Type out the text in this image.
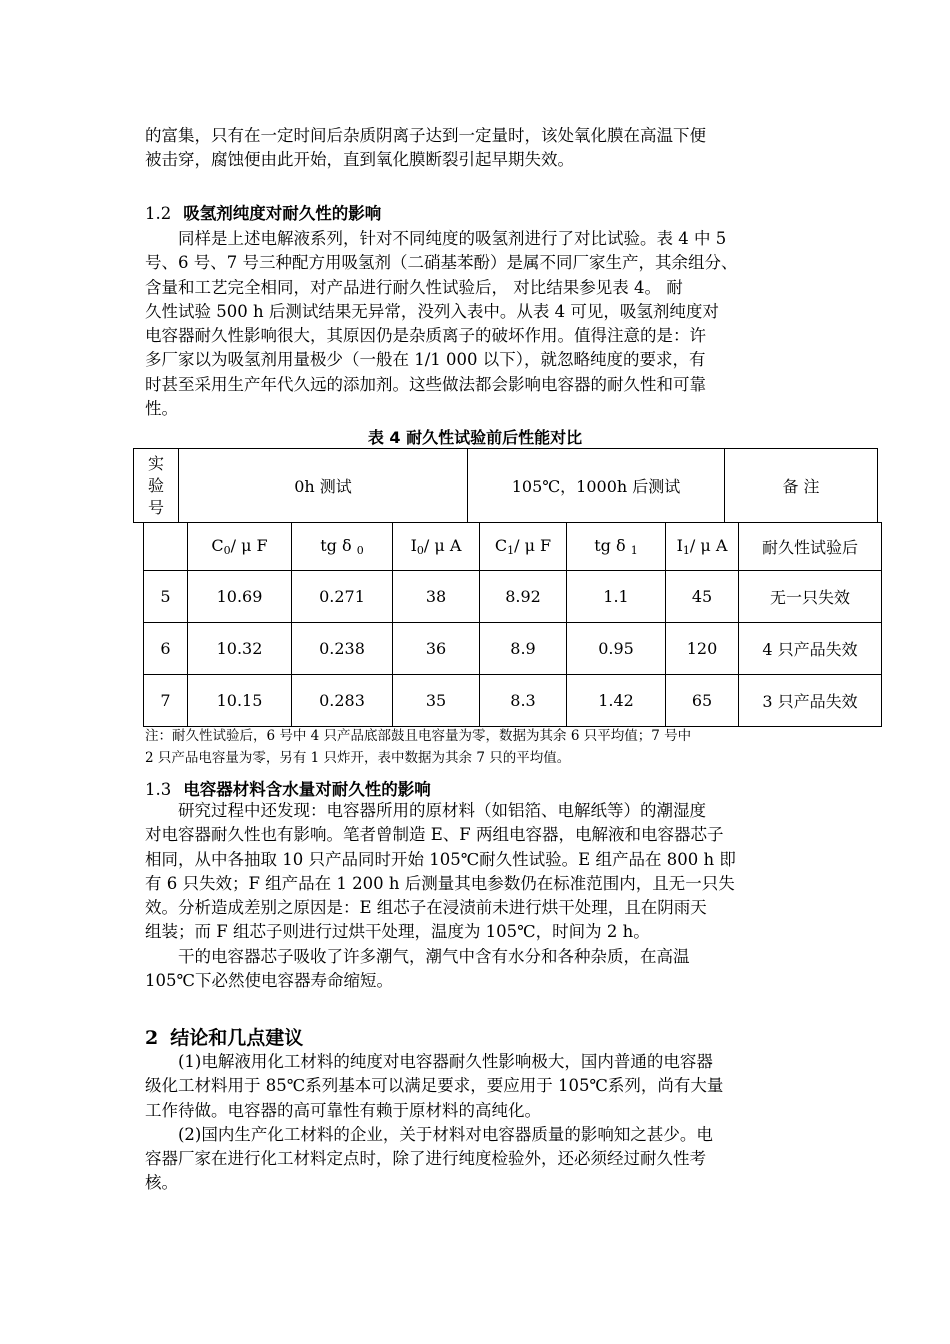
的富集，只有在一定时间后杂质阴离子达到一定量时，该处氧化膜在高温下便
被击穿，腐蚀便由此开始，直到氧化膜断裂引起早期失效。

1.2 吸氢剂纯度对耐久性的影响

同样是上述电解液系列，针对不同纯度的吸氢剂进行了对比试验。表 4 中 5
号、6 号、7 号三种配方用吸氢剂（二硝基苯酚）是属不同厂家生产，其余组分、
含量和工艺完全相同，对产品进行耐久性试验后， 对比结果参见表 4。 耐
久性试验 500 h 后测试结果无异常，没列入表中。从表 4 可见，吸氢剂纯度对
电容器耐久性影响很大，其原因仍是杂质离子的破坏作用。值得注意的是：许
多厂家以为吸氢剂用量极少（一般在 1/1 000 以下），就忽略纯度的要求，有
时甚至采用生产年代久远的添加剂。这些做法都会影响电容器的耐久性和可靠
性。

表 4 耐久性试验前后性能对比
实
验
号
	0h 测试	105℃，1000h 后测试	备 注
	$C_0/$ μ F	tg δ $_0$	$I_0/$ μ A	$C_1/$ μ F	tg δ $_1$	$I_1/$ μ A	耐久性试验后
5	10.69	0.271	38	8.92	1.1	45	无一只失效
6	10.32	0.238	36	8.9	0.95	120	4 只产品失效
7	10.15	0.283	35	8.3	1.42	65	3 只产品失效

注：耐久性试验后，6 号中 4 只产品底部鼓且电容量为零，数据为其余 6 只平均值；7 号中
2 只产品电容量为零，另有 1 只炸开，表中数据为其余 7 只的平均值。

1.3 电容器材料含水量对耐久性的影响

研究过程中还发现：电容器所用的原材料（如铝箔、电解纸等）的潮湿度
对电容器耐久性也有影响。笔者曾制造 E、F 两组电容器，电解液和电容器芯子
相同，从中各抽取 10 只产品同时开始 105℃耐久性试验。E 组产品在 800 h 即
有 6 只失效；F 组产品在 1 200 h 后测量其电参数仍在标准范围内，且无一只失
效。分析造成差别之原因是：E 组芯子在浸渍前未进行烘干处理，且在阴雨天
组装；而 F 组芯子则进行过烘干处理，温度为 105℃，时间为 2 h。
干的电容器芯子吸收了许多潮气，潮气中含有水分和各种杂质，在高温
105℃下必然使电容器寿命缩短。

2 结论和几点建议

(1)电解液用化工材料的纯度对电容器耐久性影响极大，国内普通的电容器
级化工材料用于 85℃系列基本可以满足要求，要应用于 105℃系列，尚有大量
工作待做。电容器的高可靠性有赖于原材料的高纯化。
(2)国内生产化工材料的企业，关于材料对电容器质量的影响知之甚少。电
容器厂家在进行化工材料定点时，除了进行纯度检验外，还必须经过耐久性考
核。
